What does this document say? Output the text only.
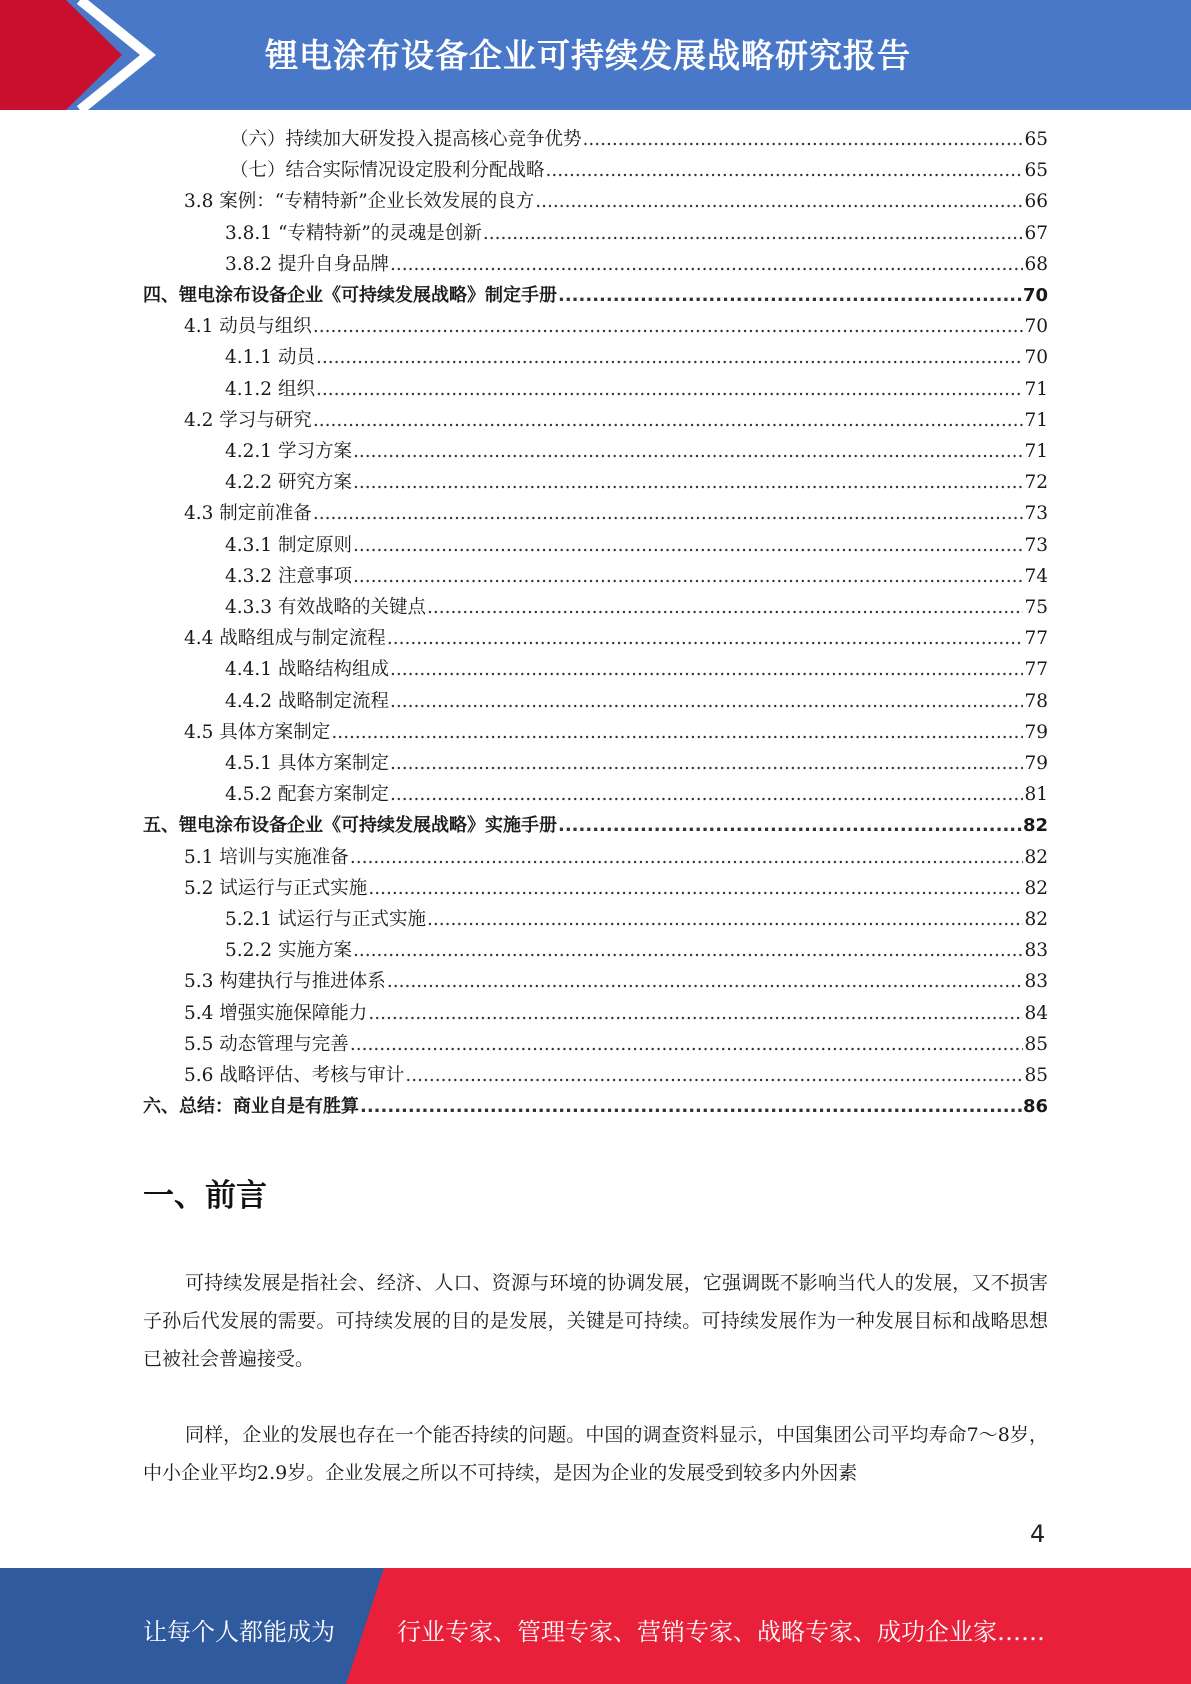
锂电涂布设备企业可持续发展战略研究报告
（六）持续加大研发投入提高核心竞争优势 .....	65
（七）结合实际情况设定股利分配战略 .....	65
3.8 案例：“专精特新”企业长效发展的良方 .....	66
3.8.1 “专精特新”的灵魂是创新 .....	67
3.8.2 提升自身品牌 .....	68
四、锂电涂布设备企业《可持续发展战略》制定手册 .....	70
4.1 动员与组织 .....	70
4.1.1 动员 .....	70
4.1.2 组织 .....	71
4.2 学习与研究 .....	71
4.2.1 学习方案 .....	71
4.2.2 研究方案 .....	72
4.3 制定前准备 .....	73
4.3.1 制定原则 .....	73
4.3.2 注意事项 .....	74
4.3.3 有效战略的关键点 .....	75
4.4 战略组成与制定流程 .....	77
4.4.1 战略结构组成 .....	77
4.4.2 战略制定流程 .....	78
4.5 具体方案制定 .....	79
4.5.1 具体方案制定 .....	79
4.5.2 配套方案制定 .....	81
五、锂电涂布设备企业《可持续发展战略》实施手册 .....	82
5.1 培训与实施准备 .....	82
5.2 试运行与正式实施 .....	82
5.2.1 试运行与正式实施 .....	82
5.2.2 实施方案 .....	83
5.3 构建执行与推进体系 .....	83
5.4 增强实施保障能力 .....	84
5.5 动态管理与完善 .....	85
5.6 战略评估、考核与审计 .....	85
六、总结：商业自是有胜算 .....	86
一、前言
可持续发展是指社会、经济、人口、资源与环境的协调发展，它强调既不影响当代人的发展，又不损害子孙后代发展的需要。可持续发展的目的是发展，关键是可持续。可持续发展作为一种发展目标和战略思想已被社会普遍接受。
同样，企业的发展也存在一个能否持续的问题。中国的调查资料显示，中国集团公司平均寿命7～8岁，中小企业平均2.9岁。企业发展之所以不可持续，是因为企业的发展受到较多内外因素
4
让每个人都能成为	行业专家、管理专家、营销专家、战略专家、成功企业家……
